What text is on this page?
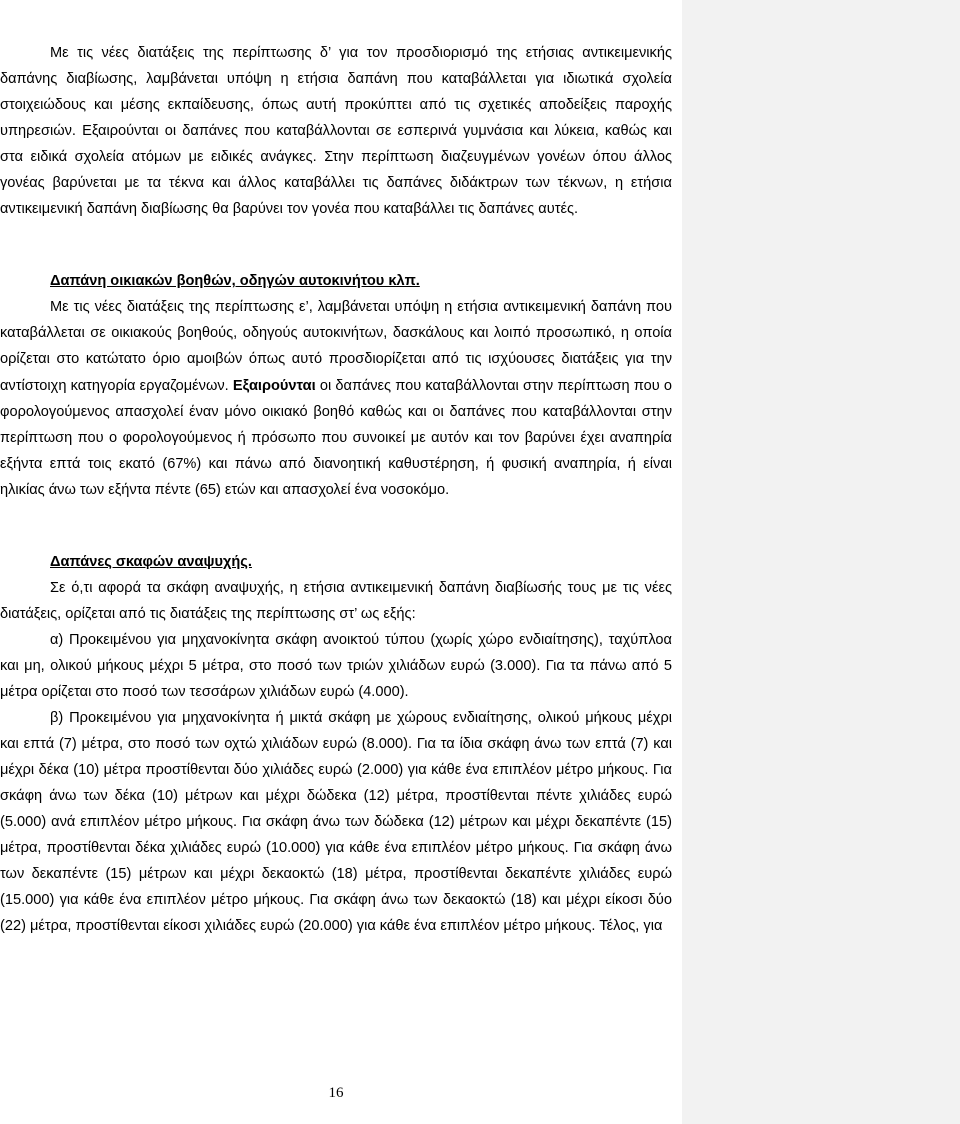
Με τις νέες διατάξεις της περίπτωσης δ’ για τον προσδιορισμό της ετήσιας αντικειμενικής δαπάνης διαβίωσης, λαμβάνεται υπόψη η ετήσια δαπάνη που καταβάλλεται για ιδιωτικά σχολεία στοιχειώδους και μέσης εκπαίδευσης, όπως αυτή προκύπτει από τις σχετικές αποδείξεις παροχής υπηρεσιών. Εξαιρούνται οι δαπάνες που καταβάλλονται σε εσπερινά γυμνάσια και λύκεια, καθώς και στα ειδικά σχολεία ατόμων με ειδικές ανάγκες. Στην περίπτωση διαζευγμένων γονέων όπου άλλος γονέας βαρύνεται με τα τέκνα και άλλος καταβάλλει τις δαπάνες διδάκτρων των τέκνων, η ετήσια αντικειμενική δαπάνη διαβίωσης θα βαρύνει τον γονέα που καταβάλλει τις δαπάνες αυτές.

Δαπάνη οικιακών βοηθών, οδηγών αυτοκινήτου κλπ.

Με τις νέες διατάξεις της περίπτωσης ε’, λαμβάνεται υπόψη η ετήσια αντικειμενική δαπάνη που καταβάλλεται σε οικιακούς βοηθούς, οδηγούς αυτοκινήτων, δασκάλους και λοιπό προσωπικό, η οποία ορίζεται στο κατώτατο όριο αμοιβών όπως αυτό προσδιορίζεται από τις ισχύουσες διατάξεις για την αντίστοιχη κατηγορία εργαζομένων. Εξαιρούνται οι δαπάνες που καταβάλλονται στην περίπτωση που ο φορολογούμενος απασχολεί έναν μόνο οικιακό βοηθό καθώς και οι δαπάνες που καταβάλλονται στην περίπτωση που ο φορολογούμενος ή πρόσωπο που συνοικεί με αυτόν και τον βαρύνει έχει αναπηρία εξήντα επτά τοις εκατό (67%) και πάνω από διανοητική καθυστέρηση, ή φυσική αναπηρία, ή είναι ηλικίας άνω των εξήντα πέντε (65) ετών και απασχολεί ένα νοσοκόμο.

Δαπάνες σκαφών αναψυχής.

Σε ό,τι αφορά τα σκάφη αναψυχής, η ετήσια αντικειμενική δαπάνη διαβίωσής τους με τις νέες διατάξεις, ορίζεται από τις διατάξεις της περίπτωσης στ’ ως εξής:

α) Προκειμένου για μηχανοκίνητα σκάφη ανοικτού τύπου (χωρίς χώρο ενδιαίτησης), ταχύπλοα και μη, ολικού μήκους μέχρι 5 μέτρα, στο ποσό των τριών χιλιάδων ευρώ (3.000). Για τα πάνω από 5 μέτρα ορίζεται στο ποσό των τεσσάρων χιλιάδων ευρώ (4.000).

β) Προκειμένου για μηχανοκίνητα ή μικτά σκάφη με χώρους ενδιαίτησης, ολικού μήκους μέχρι και επτά (7) μέτρα, στο ποσό των οχτώ χιλιάδων ευρώ (8.000). Για τα ίδια σκάφη άνω των επτά (7) και μέχρι δέκα (10) μέτρα προστίθενται δύο χιλιάδες ευρώ (2.000) για κάθε ένα επιπλέον μέτρο μήκους. Για σκάφη άνω των δέκα (10) μέτρων και μέχρι δώδεκα (12) μέτρα, προστίθενται πέντε χιλιάδες ευρώ (5.000) ανά επιπλέον μέτρο μήκους. Για σκάφη άνω των δώδεκα (12) μέτρων και μέχρι δεκαπέντε (15) μέτρα, προστίθενται δέκα χιλιάδες ευρώ (10.000) για κάθε ένα επιπλέον μέτρο μήκους. Για σκάφη άνω των δεκαπέντε (15) μέτρων και μέχρι δεκαοκτώ (18) μέτρα, προστίθενται δεκαπέντε χιλιάδες ευρώ (15.000) για κάθε ένα επιπλέον μέτρο μήκους. Για σκάφη άνω των δεκαοκτώ (18) και μέχρι είκοσι δύο (22) μέτρα, προστίθενται είκοσι χιλιάδες ευρώ (20.000) για κάθε ένα επιπλέον μέτρο μήκους. Τέλος, για

16
